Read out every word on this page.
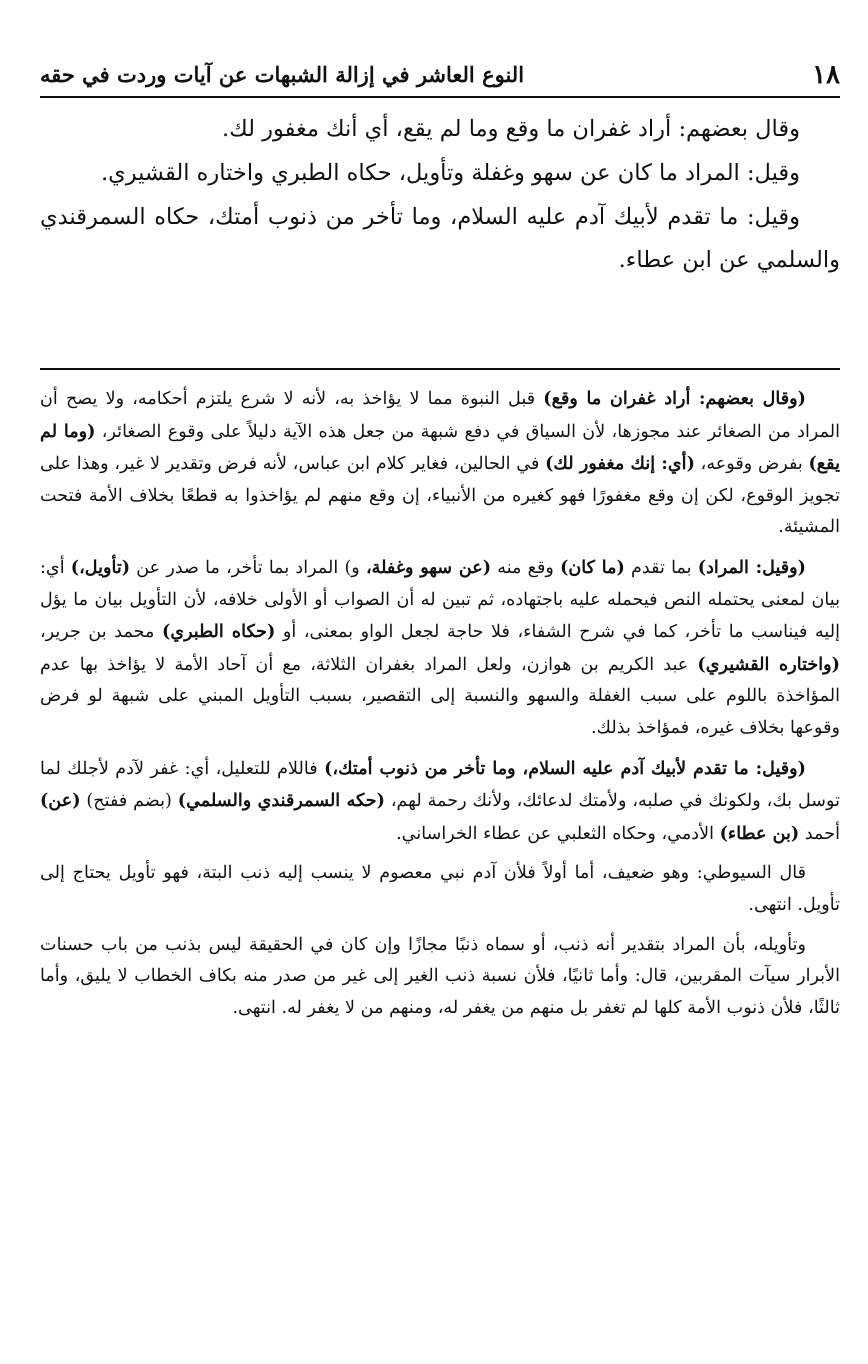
١٨
النوع العاشر في إزالة الشبهات عن آيات وردت في حقه

وقال بعضهم: أراد غفران ما وقع وما لم يقع، أي أنك مغفور لك.

وقيل: المراد ما كان عن سهو وغفلة وتأويل، حكاه الطبري واختاره القشيري.

وقيل: ما تقدم لأبيك آدم عليه السلام، وما تأخر من ذنوب أمتك، حكاه السمرقندي والسلمي عن ابن عطاء.

(وقال بعضهم: أراد غفران ما وقع) قبل النبوة مما لا يؤاخذ به، لأنه لا شرع يلتزم أحكامه، ولا يصح أن المراد من الصغائر عند مجوزها، لأن السياق في دفع شبهة من جعل هذه الآية دليلاً على وقوع الصغائر، (وما لم يقع) بفرض وقوعه، (أي: إنك مغفور لك) في الحالين، فغاير كلام ابن عباس، لأنه فرض وتقدير لا غير، وهذا على تجويز الوقوع، لكن إن وقع مغفورًا فهو كغيره من الأنبياء، إن وقع منهم لم يؤاخذوا به قطعًا بخلاف الأمة فتحت المشيئة.

(وقيل: المراد) بما تقدم (ما كان) وقع منه (عن سهو وغفلة، و) المراد بما تأخر، ما صدر عن (تأويل،) أي: بيان لمعنى يحتمله النص فيحمله عليه باجتهاده، ثم تبين له أن الصواب أو الأولى خلافه، لأن التأويل بيان ما يؤل إليه فيناسب ما تأخر، كما في شرح الشفاء، فلا حاجة لجعل الواو بمعنى، أو (حكاه الطبري) محمد بن جرير، (واختاره القشيري) عبد الكريم بن هوازن، ولعل المراد بغفران الثلاثة، مع أن آحاد الأمة لا يؤاخذ بها عدم المؤاخذة باللوم على سبب الغفلة والسهو والنسبة إلى التقصير، بسبب التأويل المبني على شبهة لو فرض وقوعها بخلاف غيره، فمؤاخذ بذلك.

(وقيل: ما تقدم لأبيك آدم عليه السلام، وما تأخر من ذنوب أمتك،) فاللام للتعليل، أي: غفر لآدم لأجلك لما توسل بك، ولكونك في صلبه، ولأمتك لدعائك، ولأنك رحمة لهم، (حكه السمرقندي والسلمي) (بضم ففتح) (عن) أحمد (بن عطاء) الأدمي، وحكاه الثعلبي عن عطاء الخراساني.

قال السيوطي: وهو ضعيف، أما أولاً فلأن آدم نبي معصوم لا ينسب إليه ذنب البتة، فهو تأويل يحتاج إلى تأويل. انتهى.

وتأويله، بأن المراد بتقدير أنه ذنب، أو سماه ذنبًا مجازًا وإن كان في الحقيقة ليس بذنب من باب حسنات الأبرار سيآت المقربين، قال: وأما ثانيًا، فلأن نسبة ذنب الغير إلى غير من صدر منه بكاف الخطاب لا يليق، وأما ثالثًا، فلأن ذنوب الأمة كلها لم تغفر بل منهم من يغفر له، ومنهم من لا يغفر له. انتهى.
